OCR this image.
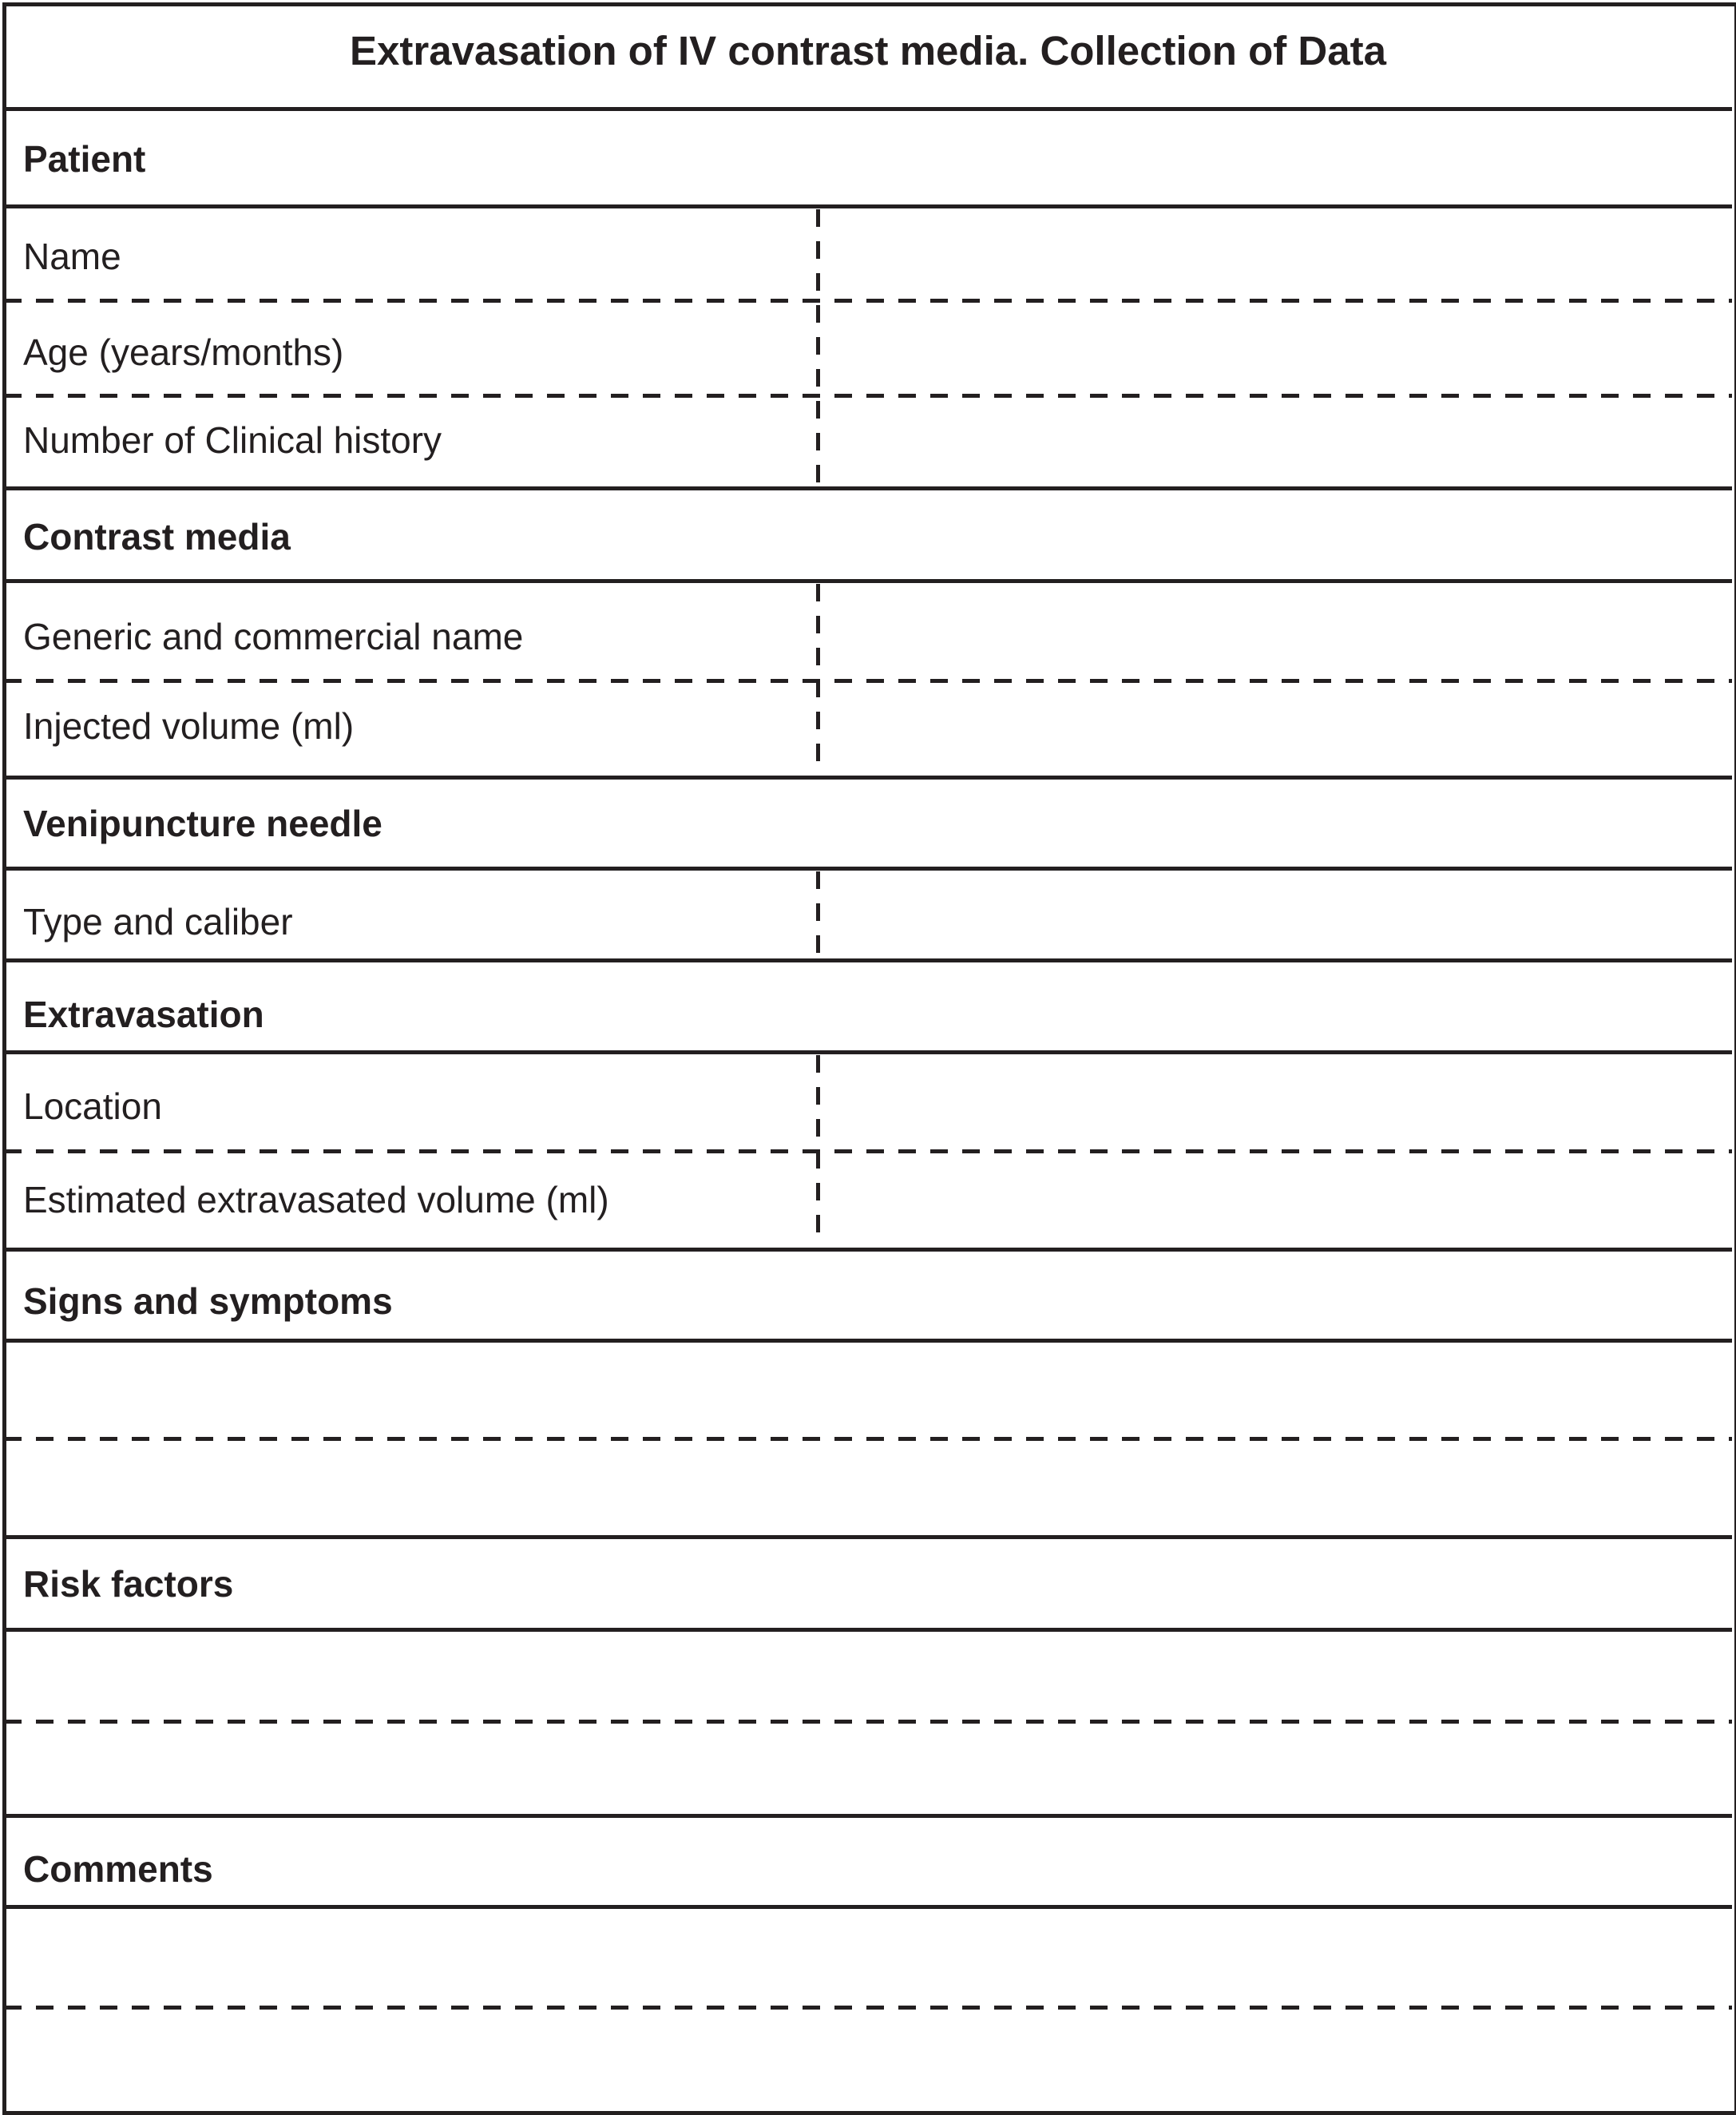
Extravasation of IV contrast media. Collection of Data
Patient
Name
Age (years/months)
Number of Clinical history
Contrast media
Generic and commercial name
Injected volume (ml)
Venipuncture needle
Type and caliber
Extravasation
Location
Estimated extravasated volume (ml)
Signs and symptoms
Risk factors
Comments
